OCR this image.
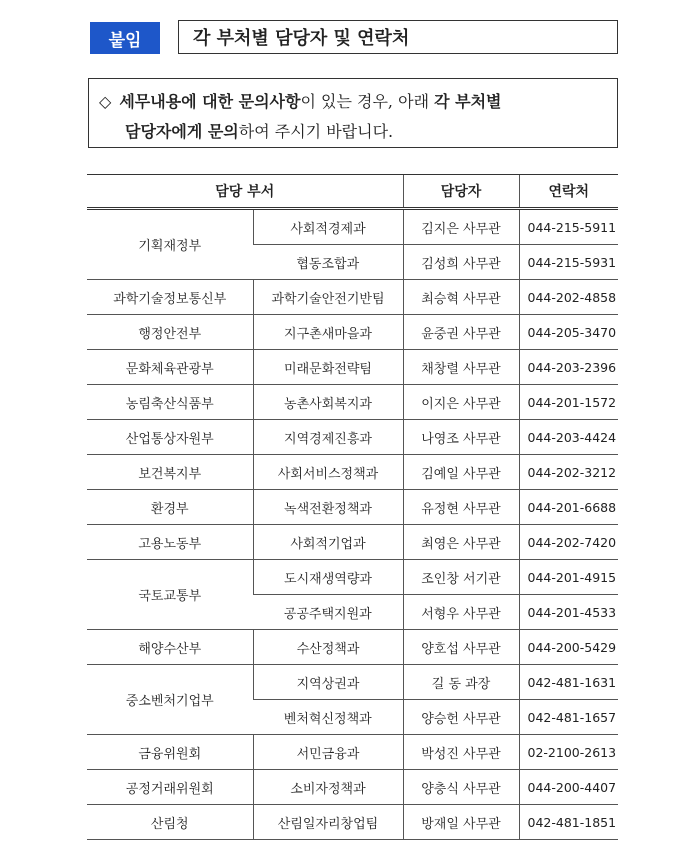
붙임	각 부처별 담당자 및 연락처
◇ 세무내용에 대한 문의사항이 있는 경우, 아래 각 부처별
담당자에게 문의하여 주시기 바랍니다.
담당 부서		담당자	연락처
기획재정부	사회적경제과	김지은 사무관	044-215-5911
	협동조합과	김성희 사무관	044-215-5931
과학기술정보통신부	과학기술안전기반팀	최승혁 사무관	044-202-4858
행정안전부	지구촌새마을과	윤중권 사무관	044-205-3470
문화체육관광부	미래문화전략팀	채창렬 사무관	044-203-2396
농림축산식품부	농촌사회복지과	이지은 사무관	044-201-1572
산업통상자원부	지역경제진흥과	나영조 사무관	044-203-4424
보건복지부	사회서비스정책과	김예일 사무관	044-202-3212
환경부	녹색전환정책과	유정현 사무관	044-201-6688
고용노동부	사회적기업과	최영은 사무관	044-202-7420
국토교통부	도시재생역량과	조인창 서기관	044-201-4915
	공공주택지원과	서형우 사무관	044-201-4533
해양수산부	수산정책과	양호섭 사무관	044-200-5429
중소벤처기업부	지역상권과	길 동 과장	042-481-1631
	벤처혁신정책과	양승헌 사무관	042-481-1657
금융위원회	서민금융과	박성진 사무관	02-2100-2613
공정거래위원회	소비자정책과	양충식 사무관	044-200-4407
산림청	산림일자리창업팀	방재일 사무관	042-481-1851
